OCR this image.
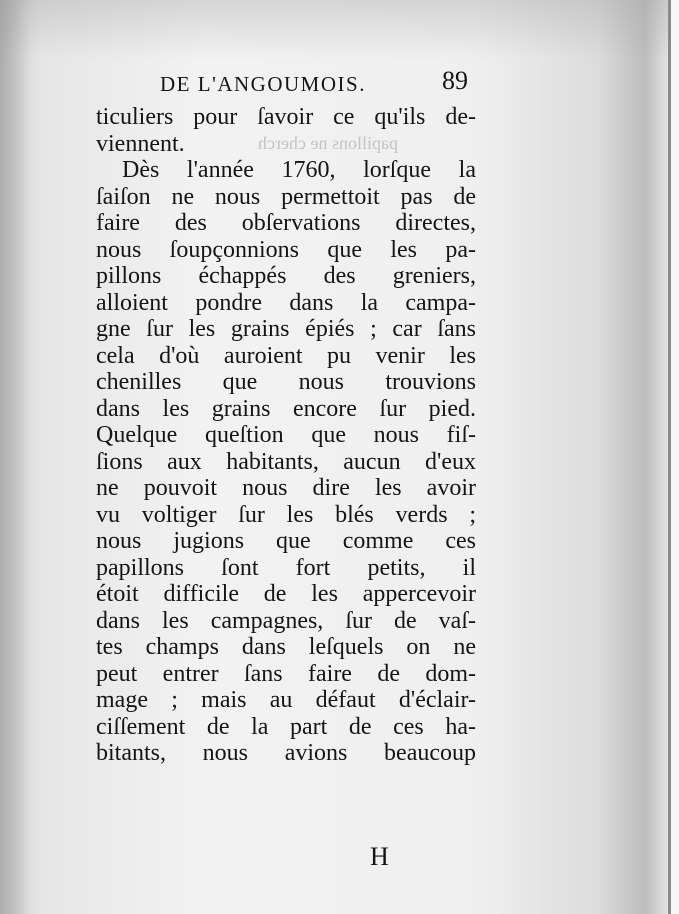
papillons ne cherch
DE L'ANGOUMOIS.	89
ticuliers pour ſavoir ce qu'ils de-
viennent.
Dès l'année 1760, lorſque la
ſaiſon ne nous permettoit pas de
faire des obſervations directes,
nous ſoupçonnions que les pa-
pillons échappés des greniers,
alloient pondre dans la campa-
gne ſur les grains épiés ; car ſans
cela d'où auroient pu venir les
chenilles que nous trouvions
dans les grains encore ſur pied.
Quelque queſtion que nous fiſ-
ſions aux habitants, aucun d'eux
ne pouvoit nous dire les avoir
vu voltiger ſur les blés verds ;
nous jugions que comme ces
papillons ſont fort petits, il
étoit difficile de les appercevoir
dans les campagnes, ſur de vaſ-
tes champs dans leſquels on ne
peut entrer ſans faire de dom-
mage ; mais au défaut d'éclair-
ciſſement de la part de ces ha-
bitants, nous avions beaucoup
H
